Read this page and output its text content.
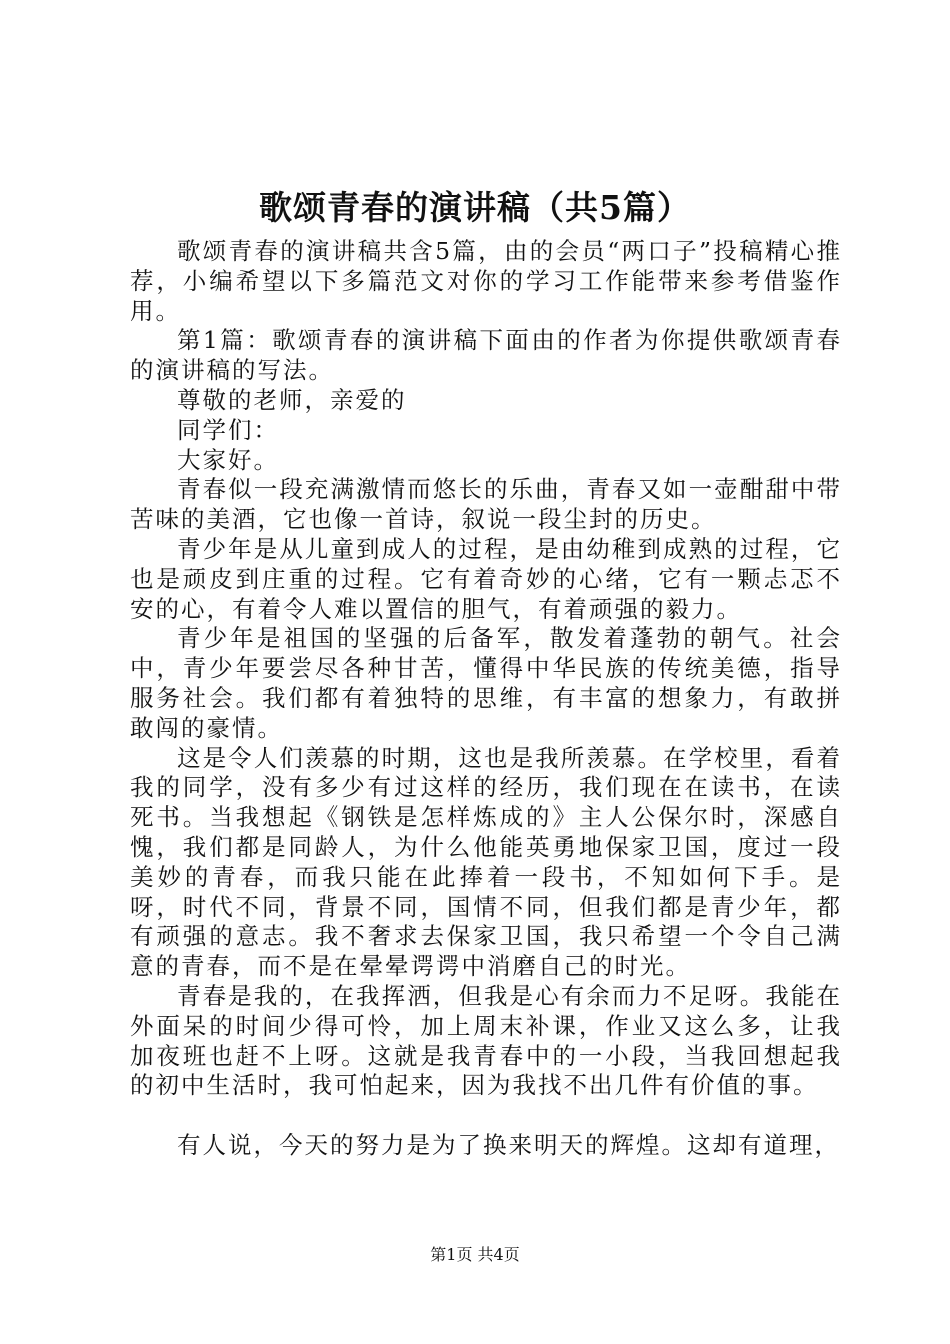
歌颂青春的演讲稿（共5篇）

歌颂青春的演讲稿共含5篇，由的会员“两口子”投稿精心推荐，小编希望以下多篇范文对你的学习工作能带来参考借鉴作用。

第1篇：歌颂青春的演讲稿下面由的作者为你提供歌颂青春的演讲稿的写法。

尊敬的老师，亲爱的

同学们：

大家好。

青春似一段充满激情而悠长的乐曲，青春又如一壶酣甜中带苦味的美酒，它也像一首诗，叙说一段尘封的历史。

青少年是从儿童到成人的过程，是由幼稚到成熟的过程，它也是顽皮到庄重的过程。它有着奇妙的心绪，它有一颗忐忑不安的心，有着令人难以置信的胆气，有着顽强的毅力。

青少年是祖国的坚强的后备军，散发着蓬勃的朝气。社会中，青少年要尝尽各种甘苦，懂得中华民族的传统美德，指导服务社会。我们都有着独特的思维，有丰富的想象力，有敢拼敢闯的豪情。

这是令人们羡慕的时期，这也是我所羡慕。在学校里，看着我的同学，没有多少有过这样的经历，我们现在在读书，在读死书。当我想起《钢铁是怎样炼成的》主人公保尔时，深感自愧，我们都是同龄人，为什么他能英勇地保家卫国，度过一段美妙的青春，而我只能在此捧着一段书，不知如何下手。是呀，时代不同，背景不同，国情不同，但我们都是青少年，都有顽强的意志。我不奢求去保家卫国，我只希望一个令自己满意的青春，而不是在晕晕谔谔中消磨自己的时光。

青春是我的，在我挥洒，但我是心有余而力不足呀。我能在外面呆的时间少得可怜，加上周末补课，作业又这么多，让我加夜班也赶不上呀。这就是我青春中的一小段，当我回想起我的初中生活时，我可怕起来，因为我找不出几件有价值的事。

有人说，今天的努力是为了换来明天的辉煌。这却有道理，

第1页 共4页
